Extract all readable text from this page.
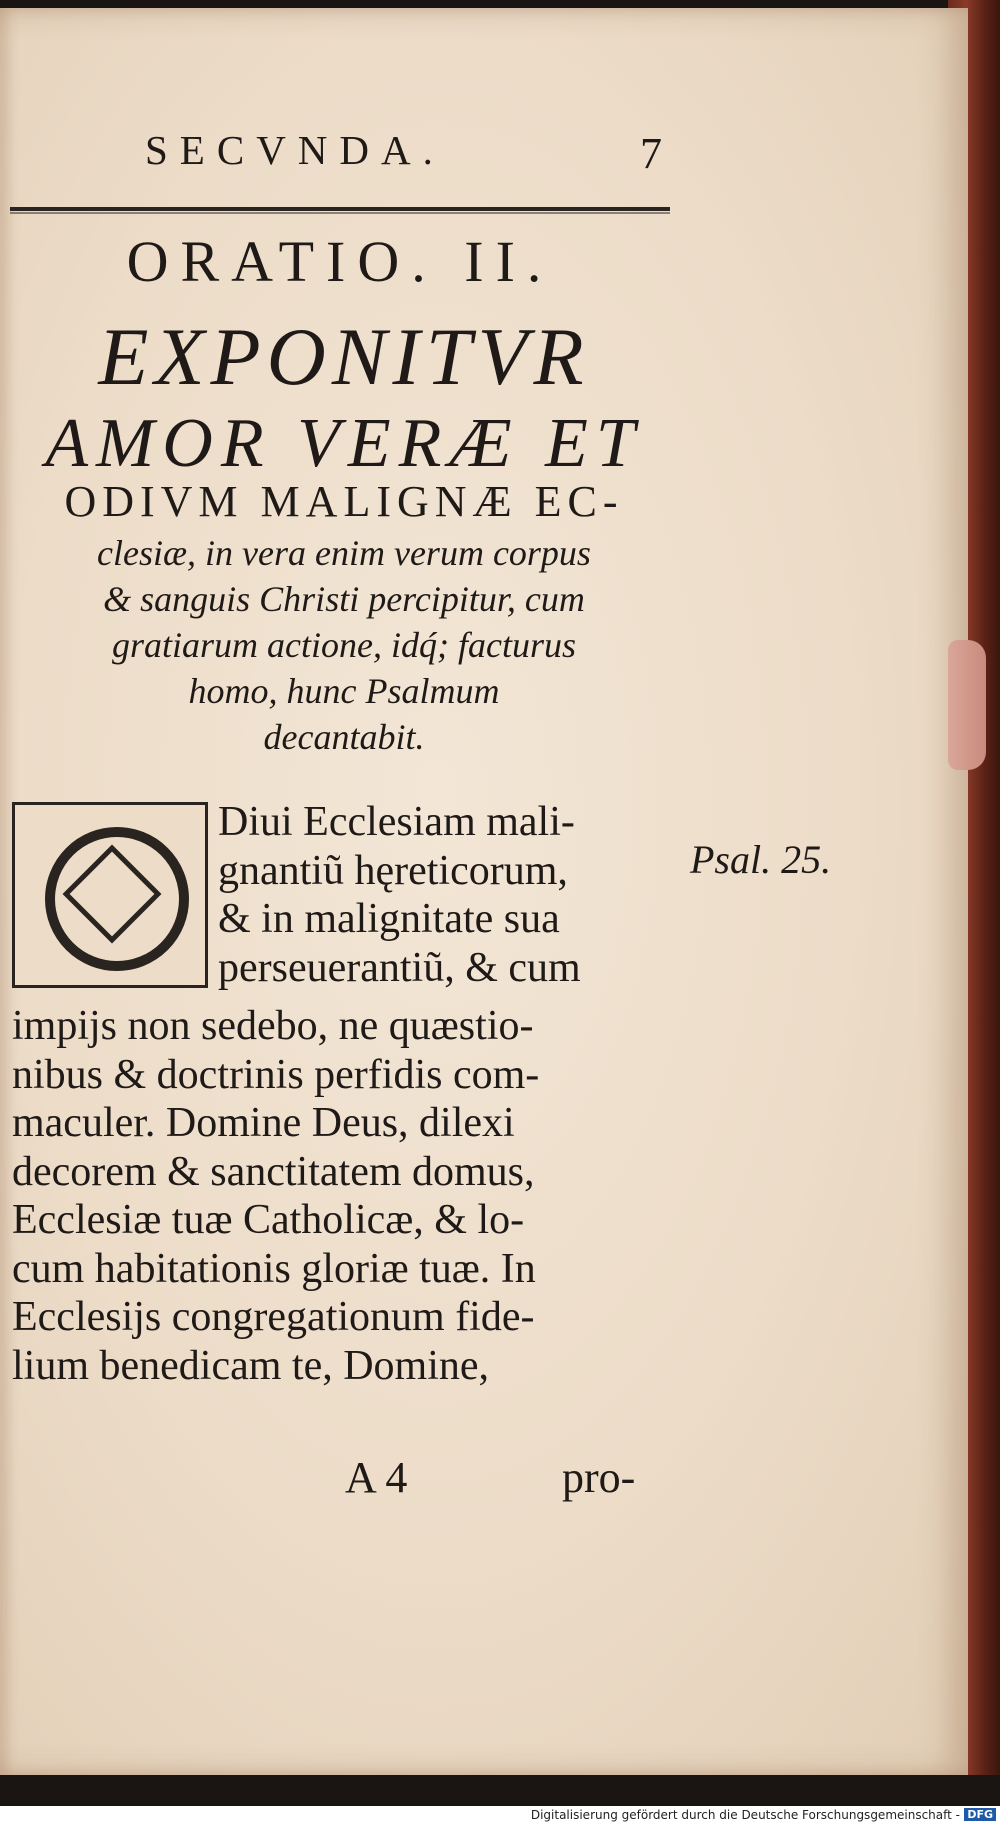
SECVNDA.	7
ORATIO. II.
EXPONITVR
AMOR VERÆ ET
ODIVM MALIGNÆ EC-
clesiæ, in vera enim verum corpus
& sanguis Christi percipitur, cum
gratiarum actione, idq́; facturus
homo, hunc Psalmum
decantabit.
Diui Ecclesiam mali-
gnantiũ hęreticorum,
& in malignitate sua
perseuerantiũ, & cum
Psal. 25.
impijs non sedebo, ne quæstio-
nibus & doctrinis perfidis com-
maculer. Domine Deus, dilexi
decorem & sanctitatem domus,
Ecclesiæ tuæ Catholicæ, & lo-
cum habitationis gloriæ tuæ. In
Ecclesijs congregationum fide-
lium benedicam te, Domine,
A 4	pro-
Digitalisierung gefördert durch die Deutsche Forschungsgemeinschaft - DFG
